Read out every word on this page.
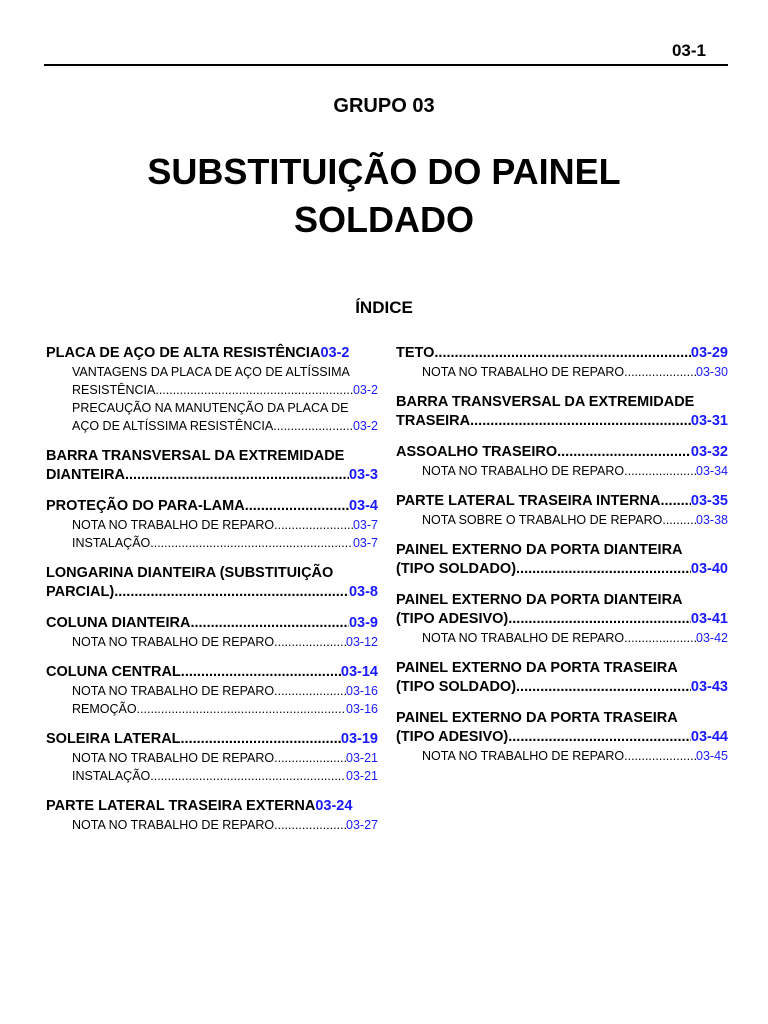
03-1
GRUPO 03
SUBSTITUIÇÃO DO PAINEL
SOLDADO
ÍNDICE
PLACA DE AÇO DE ALTA RESISTÊNCIA 03-2
VANTAGENS DA PLACA DE AÇO DE ALTÍSSIMA
RESISTÊNCIA .....	03-2
PRECAUÇÃO NA MANUTENÇÃO DA PLACA DE
AÇO DE ALTÍSSIMA RESISTÊNCIA .....	03-2
BARRA TRANSVERSAL DA EXTREMIDADE
DIANTEIRA .....	03-3
PROTEÇÃO DO PARA-LAMA .....	03-4
NOTA NO TRABALHO DE REPARO .....	03-7
INSTALAÇÃO .....	03-7
LONGARINA DIANTEIRA (SUBSTITUIÇÃO
PARCIAL) .....	03-8
COLUNA DIANTEIRA .....	03-9
NOTA NO TRABALHO DE REPARO .....	03-12
COLUNA CENTRAL .....	03-14
NOTA NO TRABALHO DE REPARO .....	03-16
REMOÇÃO .....	03-16
SOLEIRA LATERAL .....	03-19
NOTA NO TRABALHO DE REPARO .....	03-21
INSTALAÇÃO .....	03-21
PARTE LATERAL TRASEIRA EXTERNA 03-24
NOTA NO TRABALHO DE REPARO .....	03-27
TETO .....	03-29
NOTA NO TRABALHO DE REPARO .....	03-30
BARRA TRANSVERSAL DA EXTREMIDADE
TRASEIRA .....	03-31
ASSOALHO TRASEIRO .....	03-32
NOTA NO TRABALHO DE REPARO .....	03-34
PARTE LATERAL TRASEIRA INTERNA ..... 03-35
NOTA SOBRE O TRABALHO DE REPARO .....	03-38
PAINEL EXTERNO DA PORTA DIANTEIRA
(TIPO SOLDADO) .....	03-40
PAINEL EXTERNO DA PORTA DIANTEIRA
(TIPO ADESIVO) .....	03-41
NOTA NO TRABALHO DE REPARO .....	03-42
PAINEL EXTERNO DA PORTA TRASEIRA
(TIPO SOLDADO) .....	03-43
PAINEL EXTERNO DA PORTA TRASEIRA
(TIPO ADESIVO) .....	03-44
NOTA NO TRABALHO DE REPARO .....	03-45
